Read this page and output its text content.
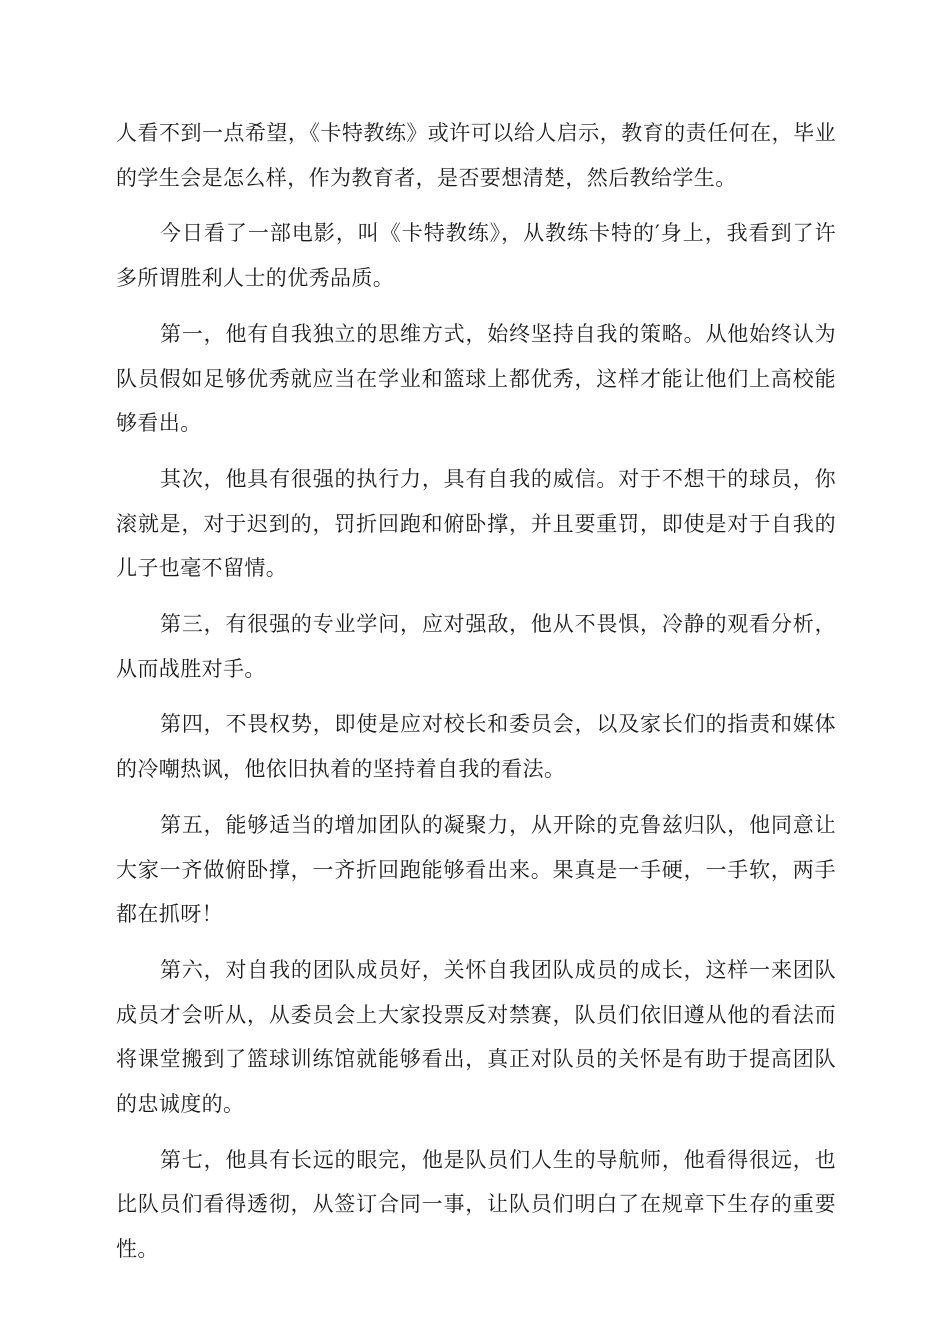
人看不到一点希望，《卡特教练》或许可以给人启示，教育的责任何在，毕业的学生会是怎么样，作为教育者，是否要想清楚，然后教给学生。

今日看了一部电影，叫《卡特教练》，从教练卡特的′身上，我看到了许多所谓胜利人士的优秀品质。

第一，他有自我独立的思维方式，始终坚持自我的策略。从他始终认为队员假如足够优秀就应当在学业和篮球上都优秀，这样才能让他们上高校能够看出。

其次，他具有很强的执行力，具有自我的威信。对于不想干的球员，你滚就是，对于迟到的，罚折回跑和俯卧撑，并且要重罚，即使是对于自我的儿子也毫不留情。

第三，有很强的专业学问，应对强敌，他从不畏惧，冷静的观看分析，从而战胜对手。

第四，不畏权势，即使是应对校长和委员会，以及家长们的指责和媒体的冷嘲热讽，他依旧执着的坚持着自我的看法。

第五，能够适当的增加团队的凝聚力，从开除的克鲁兹归队，他同意让大家一齐做俯卧撑，一齐折回跑能够看出来。果真是一手硬，一手软，两手都在抓呀！

第六，对自我的团队成员好，关怀自我团队成员的成长，这样一来团队成员才会听从，从委员会上大家投票反对禁赛，队员们依旧遵从他的看法而将课堂搬到了篮球训练馆就能够看出，真正对队员的关怀是有助于提高团队的忠诚度的。

第七，他具有长远的眼完，他是队员们人生的导航师，他看得很远，也比队员们看得透彻，从签订合同一事，让队员们明白了在规章下生存的重要性。
